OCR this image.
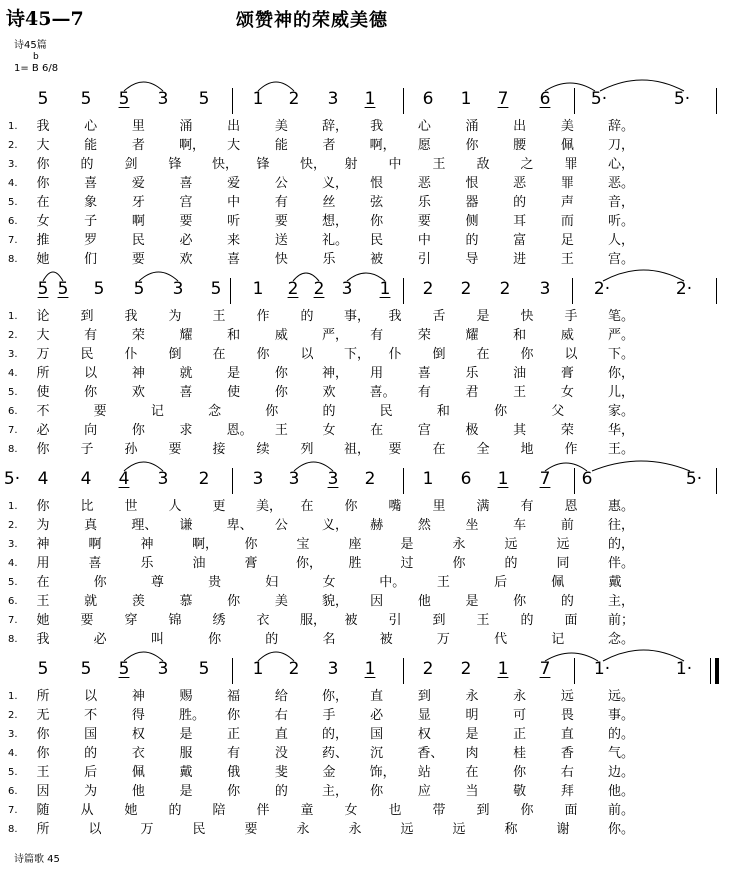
诗45—7	颂赞神的荣威美德
诗45篇
b
1= B 6/8
5 5 5 3 5	1 2 3 1	6 1 7 6 5·	5·
1.	我	心	里	涌	出	美	辞， 我	心	涌	出	美	辞。
2.	大	能	者	啊， 大	能	者	啊， 愿	你	腰	佩	刀，
3.	你 的 剑 锋 快， 锋 快， 射 中 王 敌 之 罪 心，
4.	你	喜	爱	喜	爱	公	义， 恨	恶	恨	恶	罪	恶。
5.	在	象	牙	宫	中	有	丝	弦	乐	器	的	声	音，
6.	女	子	啊	要	听	要	想， 你	要	侧	耳	而	听。
7.	推	罗	民	必	来	送	礼。 民	中	的	富	足	人，
8.	她	们	要	欢	喜	快	乐	被	引	导	进	王	宫。
5 5 5 5 3 5 1 2 2 3 1 2 2 2 3	2·	2·
1.	论 到 我 为 王 作 的 事， 我 舌 是 快 手 笔。
2.	大	有	荣	耀	和	威	严， 有	荣	耀	和	威	严。
3.	万 民 仆 倒 在 你 以 下， 仆 倒 在 你 以 下。
4.	所	以	神	就	是	你	神， 用	喜	乐	油	膏	你，
5.	使	你	欢	喜	使	你	欢	喜。 有	君	王	女	儿，
6.	不	要	记	念	你	的	民	和	你	父	家。
7.	必	向	你	求	恩。 王	女	在	宫	极	其	荣	华，
8.	你 子 孙 要 接 续 列 祖， 要 在 全 地 作 王。
4 4 4 3 2	3 3 3 2	1 6 1 7 6	5·
5·
1.	你 比 世 人 更 美， 在 你 嘴 里 满 有 恩 惠。
2.	为	真	理、 谦	卑、 公	义， 赫	然	坐	车	前	往，
3.	神	啊	神	啊， 你	宝	座	是	永	远	远	的，
4.	用	喜	乐	油	膏	你， 胜	过	你	的	同	伴。
5.	在	你	尊	贵	妇	女	中。 王	后	佩	戴
6.	王	就	羡	慕	你	美	貌， 因	他	是	你	的	主，
7.	她 要 穿 锦 绣 衣 服， 被 引 到 王 的 面 前；
8.	我	必	叫	你	的	名	被	万	代	记	念。
5 5 5 3 5	1 2 3 1	2 2 1 7	1·	1·
1.	所	以	神	赐	福	给	你， 直	到	永	永	远	远。
2.	无	不	得	胜。 你	右	手	必	显	明	可	畏	事。
3.	你	国	权	是	正	直	的， 国	权	是	正	直	的。
4.	你	的	衣	服	有	没	药、 沉	香、 肉	桂	香	气。
5.	王	后	佩	戴	俄	斐	金	饰， 站	在	你	右	边。
6.	因	为	他	是	你	的	主， 你	应	当	敬	拜	他。
7.	随 从 她 的 陪 伴 童 女 也 带 到 你 面 前。
8.	所	以	万	民	要	永	永	远	远	称	谢	你。
诗篇歌 45
